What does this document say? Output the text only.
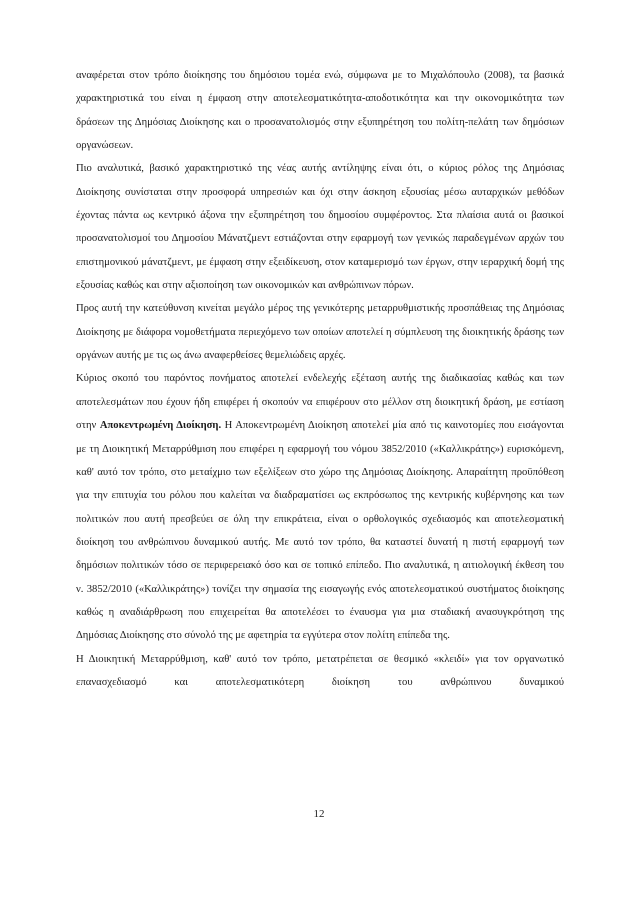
αναφέρεται στον τρόπο διοίκησης του δημόσιου τομέα ενώ, σύμφωνα με το Μιχαλόπουλο (2008), τα βασικά χαρακτηριστικά του είναι η έμφαση στην αποτελεσματικότητα-αποδοτικότητα και την οικονομικότητα των δράσεων της Δημόσιας Διοίκησης και ο προσανατολισμός στην εξυπηρέτηση του πολίτη-πελάτη των δημόσιων οργανώσεων.

Πιο αναλυτικά, βασικό χαρακτηριστικό της νέας αυτής αντίληψης είναι ότι, ο κύριος ρόλος της Δημόσιας Διοίκησης συνίσταται στην προσφορά υπηρεσιών και όχι στην άσκηση εξουσίας μέσω αυταρχικών μεθόδων έχοντας πάντα ως κεντρικό άξονα την εξυπηρέτηση του δημοσίου συμφέροντος. Στα πλαίσια αυτά οι βασικοί προσανατολισμοί του Δημοσίου Μάνατζμεντ εστιάζονται στην εφαρμογή των γενικώς παραδεγμένων αρχών του επιστημονικού μάνατζμεντ, με έμφαση στην εξειδίκευση, στον καταμερισμό των έργων, στην ιεραρχική δομή της εξουσίας καθώς και στην αξιοποίηση των οικονομικών και ανθρώπινων πόρων.

Προς αυτή την κατεύθυνση κινείται μεγάλο μέρος της γενικότερης μεταρρυθμιστικής προσπάθειας της Δημόσιας Διοίκησης με διάφορα νομοθετήματα περιεχόμενο των οποίων αποτελεί η σύμπλευση της διοικητικής δράσης των οργάνων αυτής με τις ως άνω αναφερθείσες θεμελιώδεις αρχές.

Κύριος σκοπό του παρόντος πονήματος αποτελεί ενδελεχής εξέταση αυτής της διαδικασίας καθώς και των αποτελεσμάτων που έχουν ήδη επιφέρει ή σκοπούν να επιφέρουν στο μέλλον στη διοικητική δράση, με εστίαση στην Αποκεντρωμένη Διοίκηση. Η Αποκεντρωμένη Διοίκηση αποτελεί μία από τις καινοτομίες που εισάγονται με τη Διοικητική Μεταρρύθμιση που επιφέρει η εφαρμογή του νόμου 3852/2010 («Καλλικράτης») ευρισκόμενη, καθ' αυτό τον τρόπο, στο μεταίχμιο των εξελίξεων στο χώρο της Δημόσιας Διοίκησης. Απαραίτητη προϋπόθεση για την επιτυχία του ρόλου που καλείται να διαδραματίσει ως εκπρόσωπος της κεντρικής κυβέρνησης και των πολιτικών που αυτή πρεσβεύει σε όλη την επικράτεια, είναι ο ορθολογικός σχεδιασμός και αποτελεσματική διοίκηση του ανθρώπινου δυναμικού αυτής. Με αυτό τον τρόπο, θα καταστεί δυνατή η πιστή εφαρμογή των δημόσιων πολιτικών τόσο σε περιφερειακό όσο και σε τοπικό επίπεδο. Πιο αναλυτικά, η αιτιολογική έκθεση του ν. 3852/2010 («Καλλικράτης») τονίζει την σημασία της εισαγωγής ενός αποτελεσματικού συστήματος διοίκησης καθώς η αναδιάρθρωση που επιχειρείται θα αποτελέσει το έναυσμα για μια σταδιακή ανασυγκρότηση της Δημόσιας Διοίκησης στο σύνολό της με αφετηρία τα εγγύτερα στον πολίτη επίπεδα της.

Η Διοικητική Μεταρρύθμιση, καθ' αυτό τον τρόπο, μετατρέπεται σε θεσμικό «κλειδί» για τον οργανωτικό επανασχεδιασμό και αποτελεσματικότερη διοίκηση του ανθρώπινου δυναμικού

12
